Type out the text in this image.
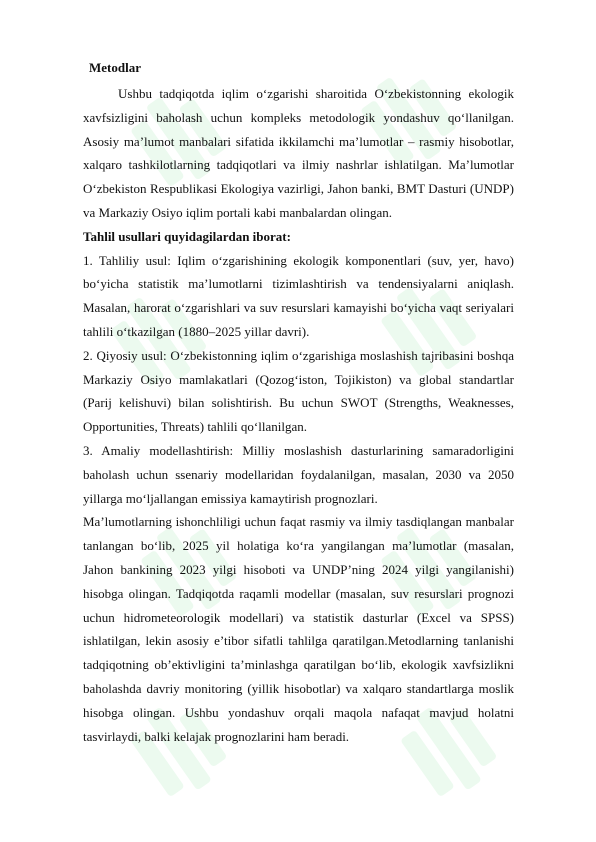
Metodlar

Ushbu tadqiqotda iqlim o‘zgarishi sharoitida O‘zbekistonning ekologik xavfsizligini baholash uchun kompleks metodologik yondashuv qo‘llanilgan. Asosiy ma’lumot manbalari sifatida ikkilamchi ma’lumotlar – rasmiy hisobotlar, xalqaro tashkilotlarning tadqiqotlari va ilmiy nashrlar ishlatilgan. Ma’lumotlar O‘zbekiston Respublikasi Ekologiya vazirligi, Jahon banki, BMT Dasturi (UNDP) va Markaziy Osiyo iqlim portali kabi manbalardan olingan.

Tahlil usullari quyidagilardan iborat:

1. Tahliliy usul: Iqlim o‘zgarishining ekologik komponentlari (suv, yer, havo) bo‘yicha statistik ma’lumotlarni tizimlashtirish va tendensiyalarni aniqlash. Masalan, harorat o‘zgarishlari va suv resurslari kamayishi bo‘yicha vaqt seriyalari tahlili o‘tkazilgan (1880–2025 yillar davri).

2. Qiyosiy usul: O‘zbekistonning iqlim o‘zgarishiga moslashish tajribasini boshqa Markaziy Osiyo mamlakatlari (Qozog‘iston, Tojikiston) va global standartlar (Parij kelishuvi) bilan solishtirish. Bu uchun SWOT (Strengths, Weaknesses, Opportunities, Threats) tahlili qo‘llanilgan.

3. Amaliy modellashtirish: Milliy moslashish dasturlarining samaradorligini baholash uchun ssenariy modellaridan foydalanilgan, masalan, 2030 va 2050 yillarga mo‘ljallangan emissiya kamaytirish prognozlari.

Ma’lumotlarning ishonchliligi uchun faqat rasmiy va ilmiy tasdiqlangan manbalar tanlangan bo‘lib, 2025 yil holatiga ko‘ra yangilangan ma’lumotlar (masalan, Jahon bankining 2023 yilgi hisoboti va UNDP’ning 2024 yilgi yangilanishi) hisobga olingan. Tadqiqotda raqamli modellar (masalan, suv resurslari prognozi uchun hidrometeorologik modellari) va statistik dasturlar (Excel va SPSS) ishlatilgan, lekin asosiy e’tibor sifatli tahlilga qaratilgan.Metodlarning tanlanishi tadqiqotning ob’ektivligini ta’minlashga qaratilgan bo‘lib, ekologik xavfsizlikni baholashda davriy monitoring (yillik hisobotlar) va xalqaro standartlarga moslik hisobga olingan. Ushbu yondashuv orqali maqola nafaqat mavjud holatni tasvirlaydi, balki kelajak prognozlarini ham beradi.
